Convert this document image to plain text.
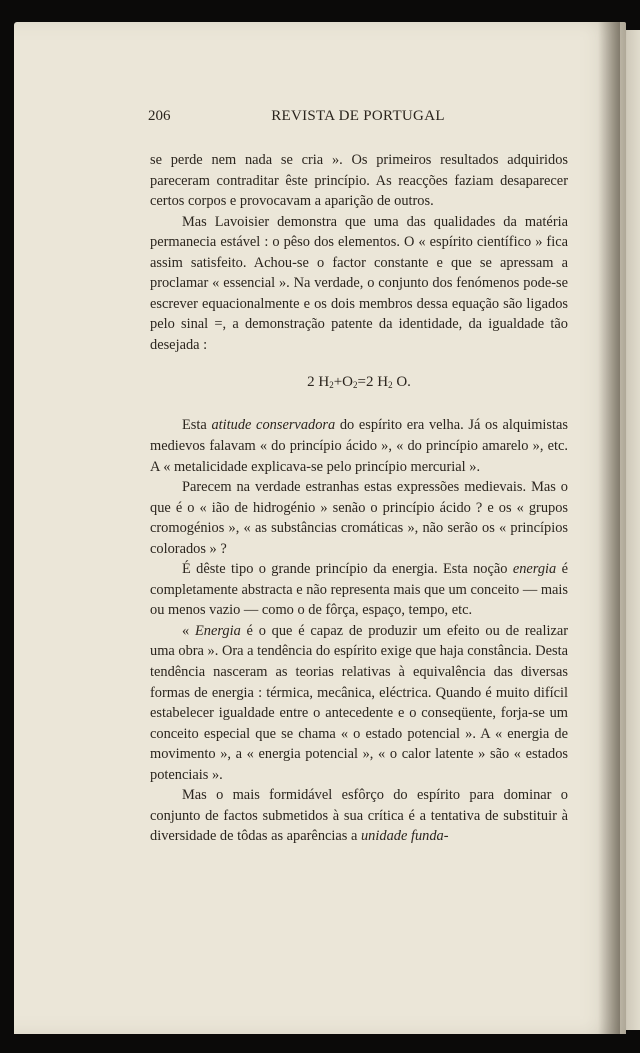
206	REVISTA DE PORTUGAL

se perde nem nada se cria ». Os primeiros resultados adquiridos pareceram contraditar êste princípio. As reacções faziam desaparecer certos corpos e provocavam a aparição de outros.

Mas Lavoisier demonstra que uma das qualidades da matéria permanecia estável : o pêso dos elementos. O « espírito científico » fica assim satisfeito. Achou-se o factor constante e que se apressam a proclamar « essencial ». Na verdade, o conjunto dos fenómenos pode-se escrever equacionalmente e os dois membros dessa equação são ligados pelo sinal =, a demonstração patente da identidade, da igualdade tão desejada :

2 $H_2+O_2=2$ $H_2$ O.

Esta atitude conservadora do espírito era velha. Já os alquimistas medievos falavam « do princípio ácido », « do princípio amarelo », etc. A « metalicidade explicava-se pelo princípio mercurial ».

Parecem na verdade estranhas estas expressões medievais. Mas o que é o « ião de hidrogénio » senão o princípio ácido ? e os « grupos cromogénios », « as substâncias cromáticas », não serão os « princípios colorados » ?

É dêste tipo o grande princípio da energia. Esta noção energia é completamente abstracta e não representa mais que um conceito — mais ou menos vazio — como o de fôrça, espaço, tempo, etc.

« Energia é o que é capaz de produzir um efeito ou de realizar uma obra ». Ora a tendência do espírito exige que haja constância. Desta tendência nasceram as teorias relativas à equivalência das diversas formas de energia : térmica, mecânica, eléctrica. Quando é muito difícil estabelecer igualdade entre o antecedente e o conseqüente, forja-se um conceito especial que se chama « o estado potencial ». A « energia de movimento », a « energia potencial », « o calor latente » são « estados potenciais ».

Mas o mais formidável esfôrço do espírito para dominar o conjunto de factos submetidos à sua crítica é a tentativa de substituir à diversidade de tôdas as aparências a unidade funda-
